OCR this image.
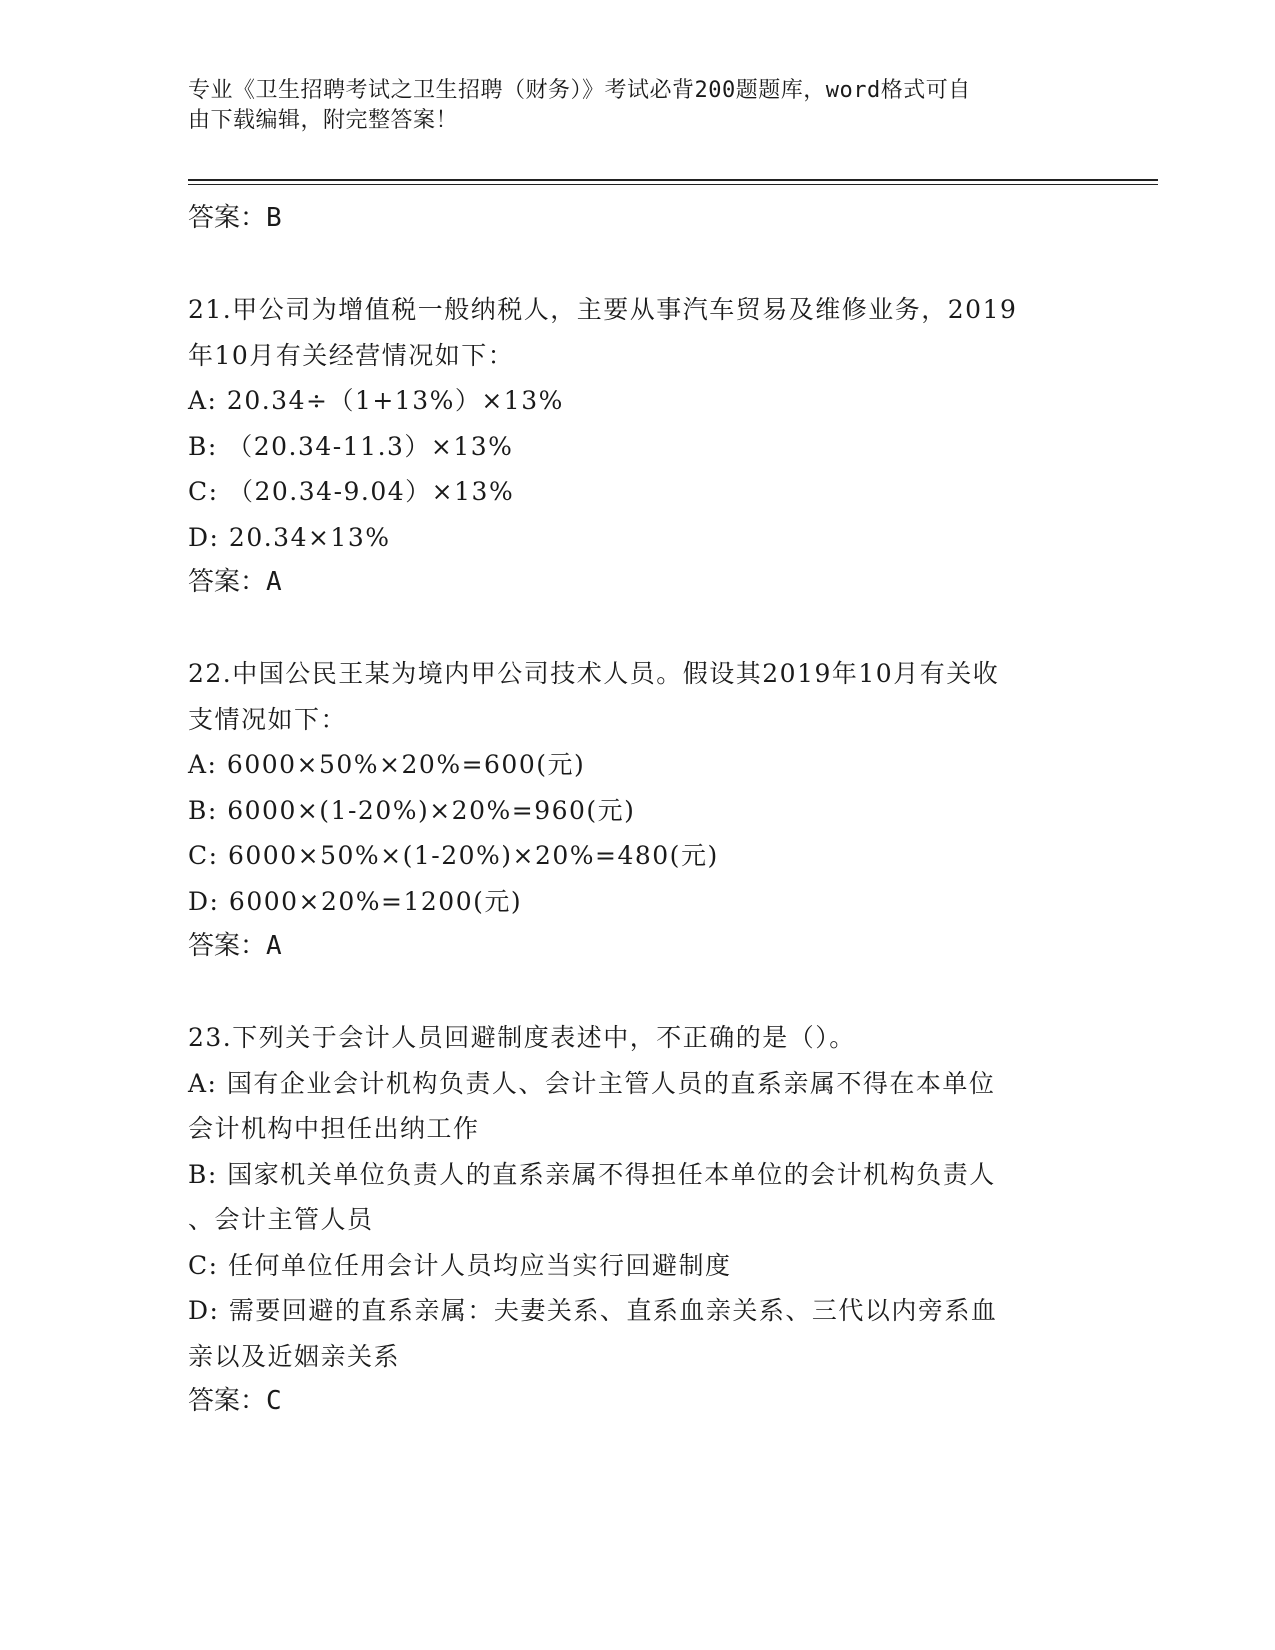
专业《卫生招聘考试之卫生招聘（财务）》考试必背200题题库，word格式可自
由下载编辑，附完整答案！

答案：B

21.甲公司为增值税一般纳税人，主要从事汽车贸易及维修业务，2019

年10月有关经营情况如下：

A: 20.34÷（1+13%）×13%

B: （20.34-11.3）×13%

C: （20.34-9.04）×13%

D: 20.34×13%

答案：A

22.中国公民王某为境内甲公司技术人员。假设其2019年10月有关收

支情况如下：

A: 6000×50%×20%=600(元)

B: 6000×(1-20%)×20%=960(元)

C: 6000×50%×(1-20%)×20%=480(元)

D: 6000×20%=1200(元)

答案：A

23.下列关于会计人员回避制度表述中，不正确的是（）。

A: 国有企业会计机构负责人、会计主管人员的直系亲属不得在本单位

会计机构中担任出纳工作

B: 国家机关单位负责人的直系亲属不得担任本单位的会计机构负责人

、会计主管人员

C: 任何单位任用会计人员均应当实行回避制度

D: 需要回避的直系亲属：夫妻关系、直系血亲关系、三代以内旁系血

亲以及近姻亲关系

答案：C
